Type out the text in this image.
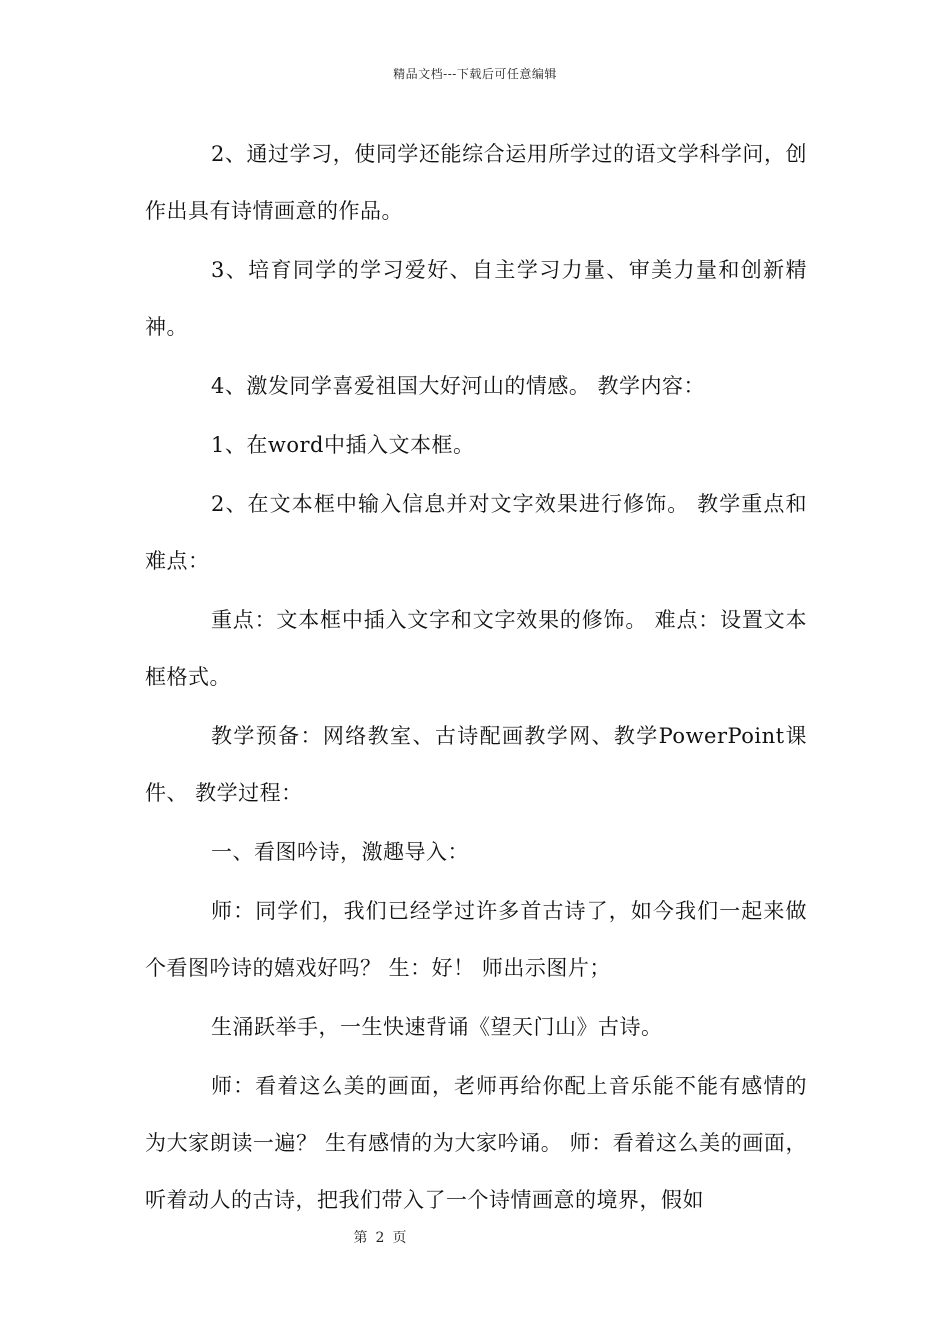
精品文档---下载后可任意编辑

2、通过学习，使同学还能综合运用所学过的语文学科学问，创作出具有诗情画意的作品。

3、培育同学的学习爱好、自主学习力量、审美力量和创新精神。

4、激发同学喜爱祖国大好河山的情感。 教学内容：

1、在word中插入文本框。

2、在文本框中输入信息并对文字效果进行修饰。 教学重点和难点：

重点：文本框中插入文字和文字效果的修饰。 难点：设置文本框格式。

教学预备：网络教室、古诗配画教学网、教学PowerPoint课件、 教学过程：

一、看图吟诗，激趣导入：

师：同学们，我们已经学过许多首古诗了，如今我们一起来做个看图吟诗的嬉戏好吗？ 生：好！ 师出示图片；

生涌跃举手，一生快速背诵《望天门山》古诗。

师：看着这么美的画面，老师再给你配上音乐能不能有感情的为大家朗读一遍？ 生有感情的为大家吟诵。 师：看着这么美的画面，听着动人的古诗，把我们带入了一个诗情画意的境界，假如

第 2 页
